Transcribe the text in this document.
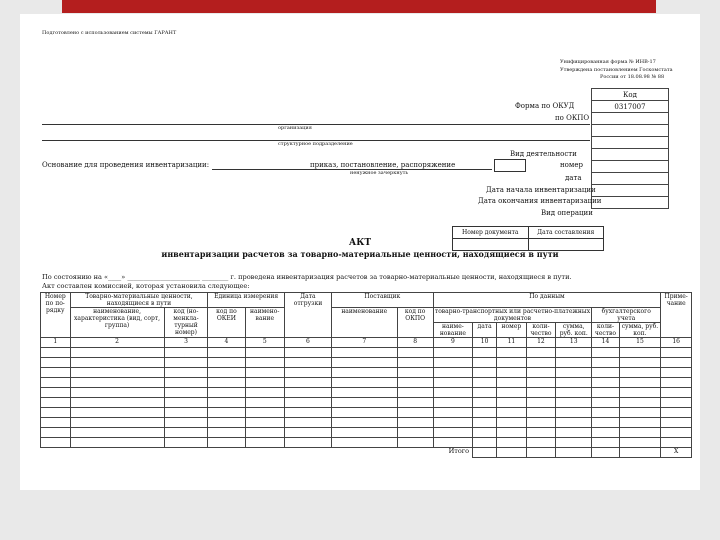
Подготовлено с использованием системы ГАРАНТ
Унифицированная форма № ИНВ-17
Утверждена постановлением Госкомстата
России от 18.08.98 № 88
Код
0317007

Форма по ОКУД
по ОКПО
организация
структурное подразделение
Вид деятельности
Основание для проведения инвентаризации:	приказ, постановление, распоряжение
ненужное зачеркнуть
номер
дата
Дата начала инвентаризации
Дата окончания инвентаризации
Вид операции
Номер документа	Дата составления

АКТ
инвентаризации расчетов за товарно-материальные ценности, находящиеся в пути
По состоянию на «____» ______________________ ________ г. проведена инвентаризация расчетов за товарно-материальные ценности, находящиеся в пути.
Акт составлен комиссией, которая установила следующее:
Номер по по-рядку	Товарно-материальные ценности, находящиеся в пути		Единица измерения		Дата отгрузки	Поставщик		По данным							Приме-чание
	наименование, характеристика (вид, сорт, группа)	код (но-менкла-турный номер)	код по ОКЕИ	наимено-вание		наименование	код по ОКПО	товарно-транспортных или расчетно-платежных документов					бухгалтерского учета		
								наиме-нование	дата	номер	коли-чество	сумма, руб. коп.	коли-чество	сумма, руб. коп.	
1	2	3	4	5	6	7	8	9	10	11	12	13	14	15	16

Итого															X
